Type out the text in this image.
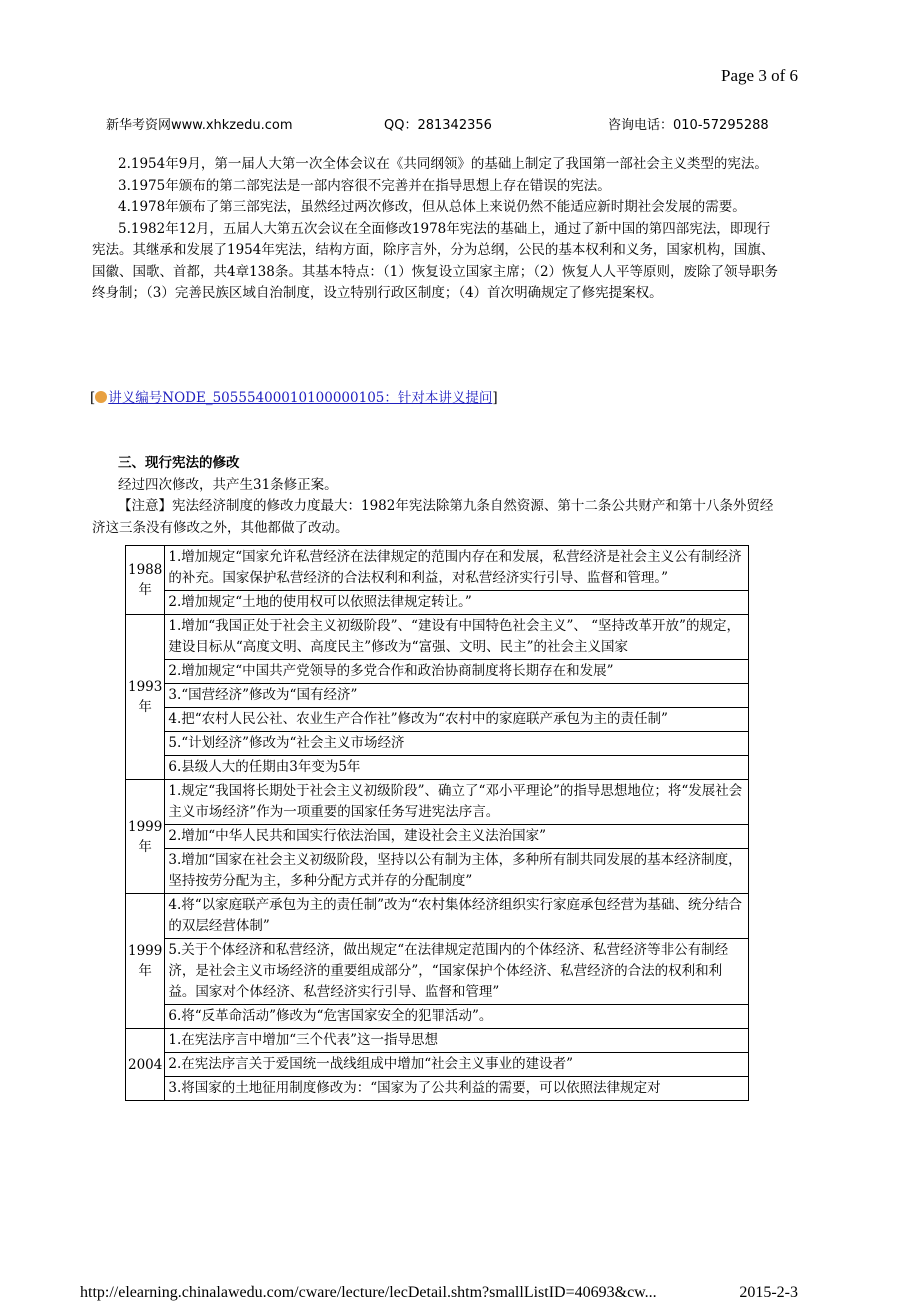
Page 3 of 6
新华考资网www.xhkzedu.com	QQ：281342356	咨询电话：010-57295288

2.1954年9月，第一届人大第一次全体会议在《共同纲领》的基础上制定了我国第一部社会主义类型的宪法。

3.1975年颁布的第二部宪法是一部内容很不完善并在指导思想上存在错误的宪法。

4.1978年颁布了第三部宪法，虽然经过两次修改，但从总体上来说仍然不能适应新时期社会发展的需要。

5.1982年12月，五届人大第五次会议在全面修改1978年宪法的基础上，通过了新中国的第四部宪法，即现行宪法。其继承和发展了1954年宪法，结构方面，除序言外，分为总纲，公民的基本权利和义务，国家机构，国旗、国徽、国歌、首都，共4章138条。其基本特点：（1）恢复设立国家主席；（2）恢复人人平等原则，废除了领导职务终身制；（3）完善民族区域自治制度，设立特别行政区制度；（4）首次明确规定了修宪提案权。

[ 讲义编号NODE_50555400010100000105：针对本讲义提问]

三、现行宪法的修改

经过四次修改，共产生31条修正案。

【注意】宪法经济制度的修改力度最大：1982年宪法除第九条自然资源、第十二条公共财产和第十八条外贸经济这三条没有修改之外，其他都做了改动。

1988年	1.增加规定“国家允许私营经济在法律规定的范围内存在和发展，私营经济是社会主义公有制经济的补充。国家保护私营经济的合法权利和利益，对私营经济实行引导、监督和管理。”
	2.增加规定“土地的使用权可以依照法律规定转让。”
1993年	1.增加“我国正处于社会主义初级阶段”、“建设有中国特色社会主义”、 “坚持改革开放”的规定，建设目标从“高度文明、高度民主”修改为“富强、文明、民主”的社会主义国家
	2.增加规定“中国共产党领导的多党合作和政治协商制度将长期存在和发展”
	3.“国营经济”修改为“国有经济”
	4.把“农村人民公社、农业生产合作社”修改为“农村中的家庭联产承包为主的责任制”
	5.“计划经济”修改为“社会主义市场经济
	6.县级人大的任期由3年变为5年
1999年	1.规定“我国将长期处于社会主义初级阶段”、确立了“邓小平理论”的指导思想地位；将“发展社会主义市场经济”作为一项重要的国家任务写进宪法序言。
	2.增加“中华人民共和国实行依法治国，建设社会主义法治国家”
	3.增加“国家在社会主义初级阶段，坚持以公有制为主体，多种所有制共同发展的基本经济制度，坚持按劳分配为主，多种分配方式并存的分配制度”
1999年	4.将“以家庭联产承包为主的责任制”改为“农村集体经济组织实行家庭承包经营为基础、统分结合的双层经营体制”
	5.关于个体经济和私营经济，做出规定“在法律规定范围内的个体经济、私营经济等非公有制经济，是社会主义市场经济的重要组成部分”，“国家保护个体经济、私营经济的合法的权利和利益。国家对个体经济、私营经济实行引导、监督和管理”
	6.将“反革命活动”修改为“危害国家安全的犯罪活动”。
2004	1.在宪法序言中增加“三个代表”这一指导思想
	2.在宪法序言关于爱国统一战线组成中增加“社会主义事业的建设者”
	3.将国家的土地征用制度修改为：“国家为了公共利益的需要，可以依照法律规定对
http://elearning.chinalawedu.com/cware/lecture/lecDetail.shtm?smallListID=40693&cw...	2015-2-3
